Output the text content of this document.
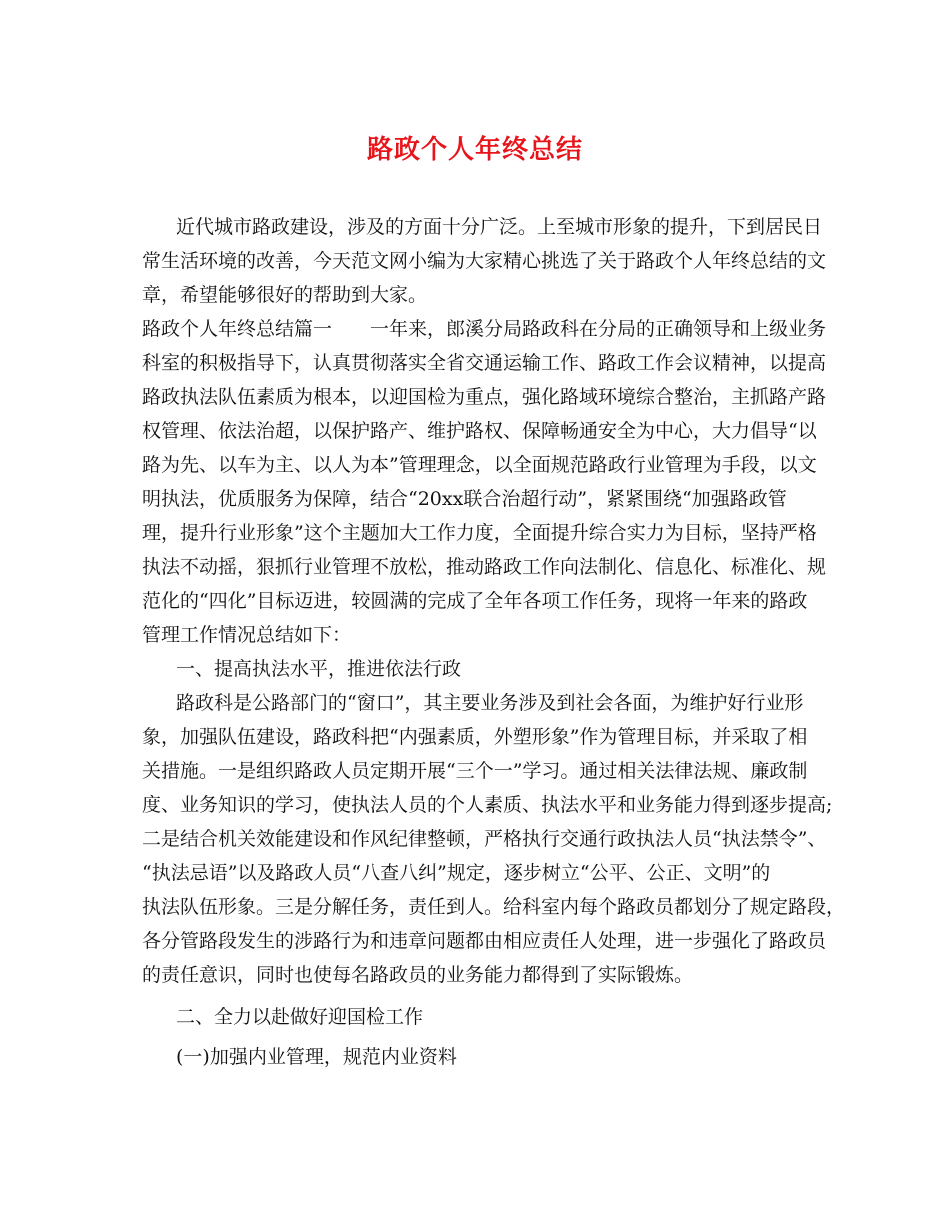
路政个人年终总结
近代城市路政建设，涉及的方面十分广泛。上至城市形象的提升，下到居民日
常生活环境的改善，今天范文网小编为大家精心挑选了关于路政个人年终总结的文
章，希望能够很好的帮助到大家。
路政个人年终总结篇一　　一年来，郎溪分局路政科在分局的正确领导和上级业务
科室的积极指导下，认真贯彻落实全省交通运输工作、路政工作会议精神，以提高
路政执法队伍素质为根本，以迎国检为重点，强化路域环境综合整治，主抓路产路
权管理、依法治超，以保护路产、维护路权、保障畅通安全为中心，大力倡导“以
路为先、以车为主、以人为本”管理理念，以全面规范路政行业管理为手段，以文
明执法，优质服务为保障，结合“20xx联合治超行动”，紧紧围绕“加强路政管
理，提升行业形象”这个主题加大工作力度，全面提升综合实力为目标，坚持严格
执法不动摇，狠抓行业管理不放松，推动路政工作向法制化、信息化、标准化、规
范化的“四化”目标迈进，较圆满的完成了全年各项工作任务，现将一年来的路政
管理工作情况总结如下：
一、提高执法水平，推进依法行政
路政科是公路部门的“窗口”，其主要业务涉及到社会各面，为维护好行业形
象，加强队伍建设，路政科把“内强素质，外塑形象”作为管理目标，并采取了相
关措施。一是组织路政人员定期开展“三个一”学习。通过相关法律法规、廉政制
度、业务知识的学习，使执法人员的个人素质、执法水平和业务能力得到逐步提高;
二是结合机关效能建设和作风纪律整顿，严格执行交通行政执法人员“执法禁令”、
“执法忌语”以及路政人员“八查八纠”规定，逐步树立“公平、公正、文明”的
执法队伍形象。三是分解任务，责任到人。给科室内每个路政员都划分了规定路段，
各分管路段发生的涉路行为和违章问题都由相应责任人处理，进一步强化了路政员
的责任意识，同时也使每名路政员的业务能力都得到了实际锻炼。
二、全力以赴做好迎国检工作
(一)加强内业管理，规范内业资料
